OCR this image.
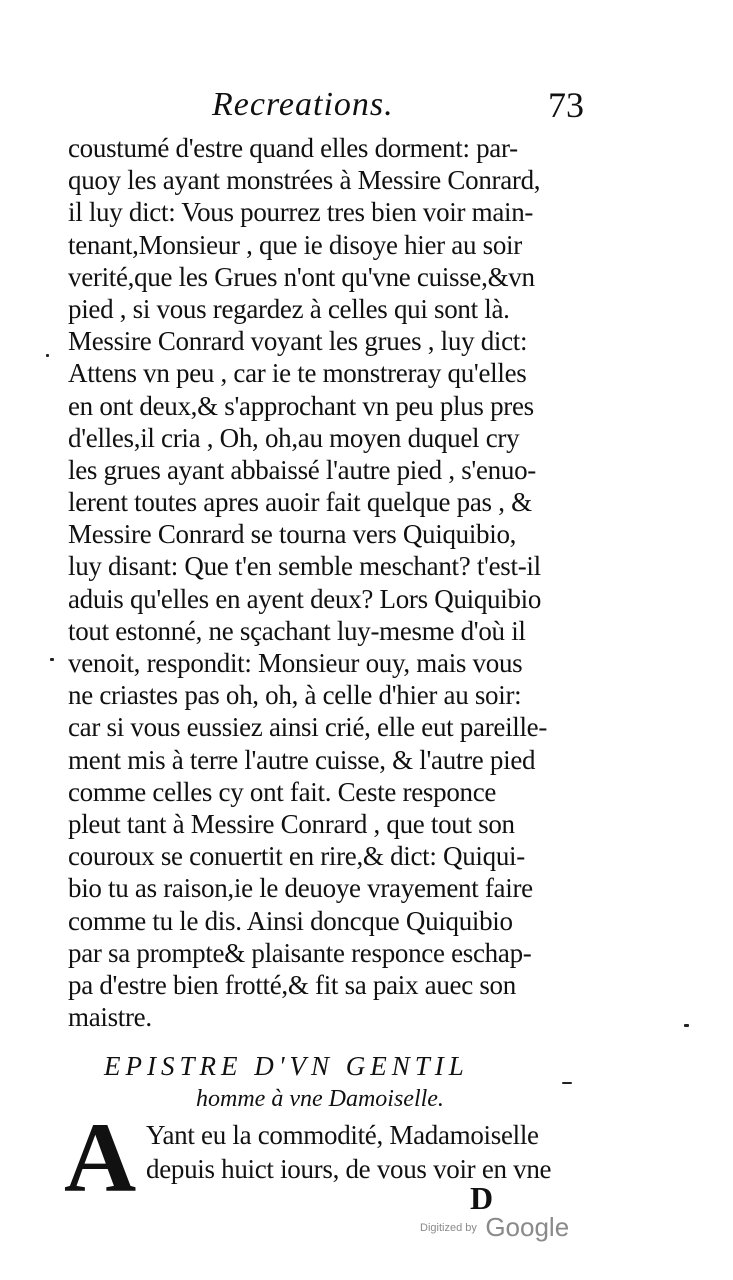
Recreations.	73
coustumé d'estre quand elles dorment: par-
quoy les ayant monstrées à Messire Conrard,
il luy dict: Vous pourrez tres bien voir main-
tenant,Monsieur , que ie disoye hier au soir
verité,que les Grues n'ont qu'vne cuisse,&vn
pied , si vous regardez à celles qui sont là.
Messire Conrard voyant les grues , luy dict:
Attens vn peu , car ie te monstreray qu'elles
en ont deux,& s'approchant vn peu plus pres
d'elles,il cria , Oh, oh,au moyen duquel cry
les grues ayant abbaissé l'autre pied , s'enuo-
lerent toutes apres auoir fait quelque pas , &
Messire Conrard se tourna vers Quiquibio,
luy disant: Que t'en semble meschant? t'est-il
aduis qu'elles en ayent deux? Lors Quiquibio
tout estonné, ne sçachant luy-mesme d'où il
venoit, respondit: Monsieur ouy, mais vous
ne criastes pas oh, oh, à celle d'hier au soir:
car si vous eussiez ainsi crié, elle eut pareille-
ment mis à terre l'autre cuisse, & l'autre pied
comme celles cy ont fait. Ceste responce
pleut tant à Messire Conrard , que tout son
couroux se conuertit en rire,& dict: Quiqui-
bio tu as raison,ie le deuoye vrayement faire
comme tu le dis. Ainsi doncque Quiquibio
par sa prompte& plaisante responce eschap-
pa d'estre bien frotté,& fit sa paix auec son
maistre.
EPISTRE D'VN GENTIL
homme à vne Damoiselle.
A Yant eu la commodité, Madamoiselle
depuis huict iours, de vous voir en vne
D
Digitized by Google
